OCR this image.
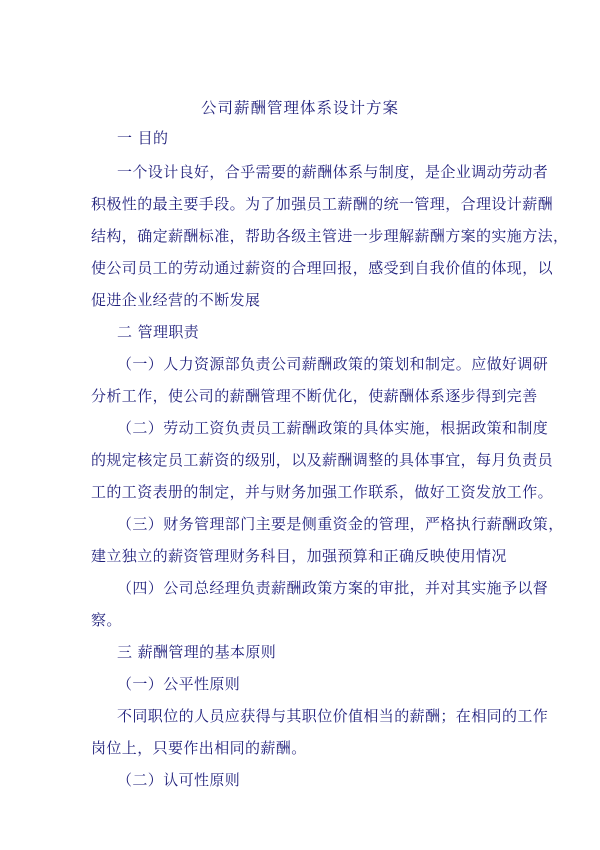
公司薪酬管理体系设计方案
一 目的
一个设计良好，合乎需要的薪酬体系与制度，是企业调动劳动者
积极性的最主要手段。为了加强员工薪酬的统一管理，合理设计薪酬
结构，确定薪酬标准，帮助各级主管进一步理解薪酬方案的实施方法，
使公司员工的劳动通过薪资的合理回报，感受到自我价值的体现，以
促进企业经营的不断发展
二 管理职责
（一）人力资源部负责公司薪酬政策的策划和制定。应做好调研
分析工作，使公司的薪酬管理不断优化，使薪酬体系逐步得到完善
（二）劳动工资负责员工薪酬政策的具体实施，根据政策和制度
的规定核定员工薪资的级别，以及薪酬调整的具体事宜，每月负责员
工的工资表册的制定，并与财务加强工作联系，做好工资发放工作。
（三）财务管理部门主要是侧重资金的管理，严格执行薪酬政策，
建立独立的薪资管理财务科目，加强预算和正确反映使用情况
（四）公司总经理负责薪酬政策方案的审批，并对其实施予以督
察。
三 薪酬管理的基本原则
（一）公平性原则
不同职位的人员应获得与其职位价值相当的薪酬；在相同的工作
岗位上，只要作出相同的薪酬。
（二）认可性原则
